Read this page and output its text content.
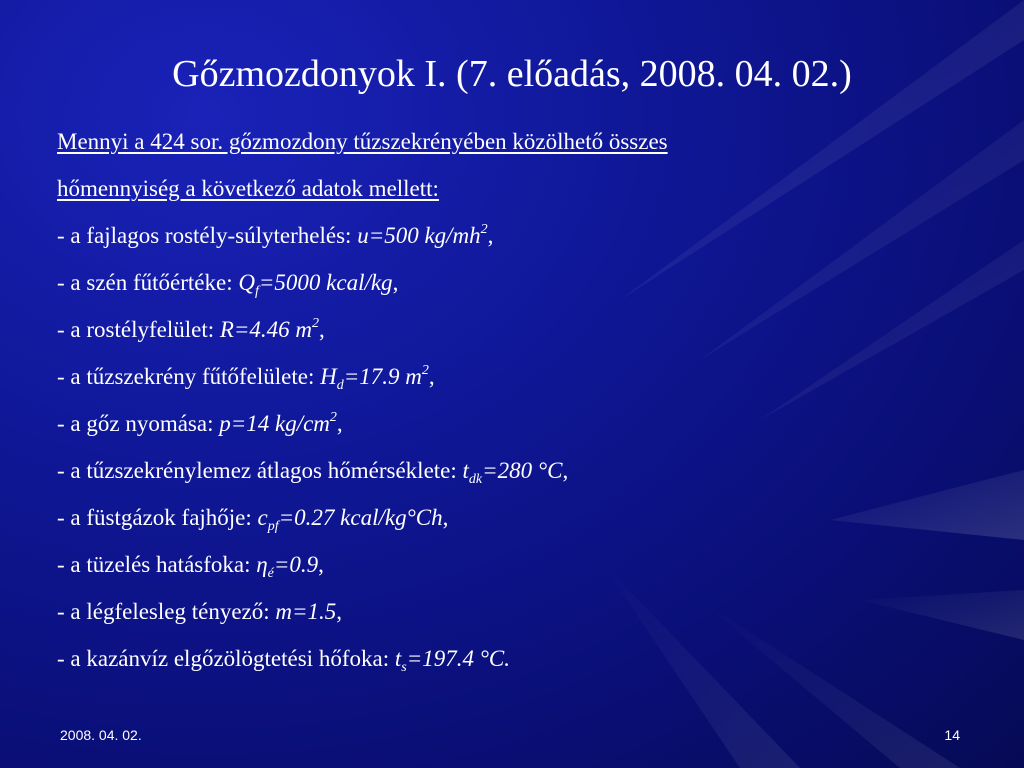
Gőzmozdonyok I. (7. előadás, 2008. 04. 02.)
Mennyi a 424 sor. gőzmozdony tűzszekrényében közölhető összes
hőmennyiség a következő adatok mellett:
- a fajlagos rostély-súlyterhelés: u=500 $kg/mh^2$,
- a szén fűtőértéke: $Q_f=5000$ kcal/kg,
- a rostélyfelület: R=4.46 $m^2$,
- a tűzszekrény fűtőfelülete: $H_d=17.9$ $m^2$,
- a gőz nyomása: p=14 $kg/cm^2$,
- a tűzszekrénylemez átlagos hőmérséklete: $t_{dk}=280$ °C,
- a füstgázok fajhője: $c_{pf}=0.27$ kcal/kg°Ch,
- a tüzelés hatásfoka: $\eta_é=0.9$,
- a légfelesleg tényező: m=1.5,
- a kazánvíz elgőzölögtetési hőfoka: $t_s=197.4$ °C.
2008. 04. 02.	14
